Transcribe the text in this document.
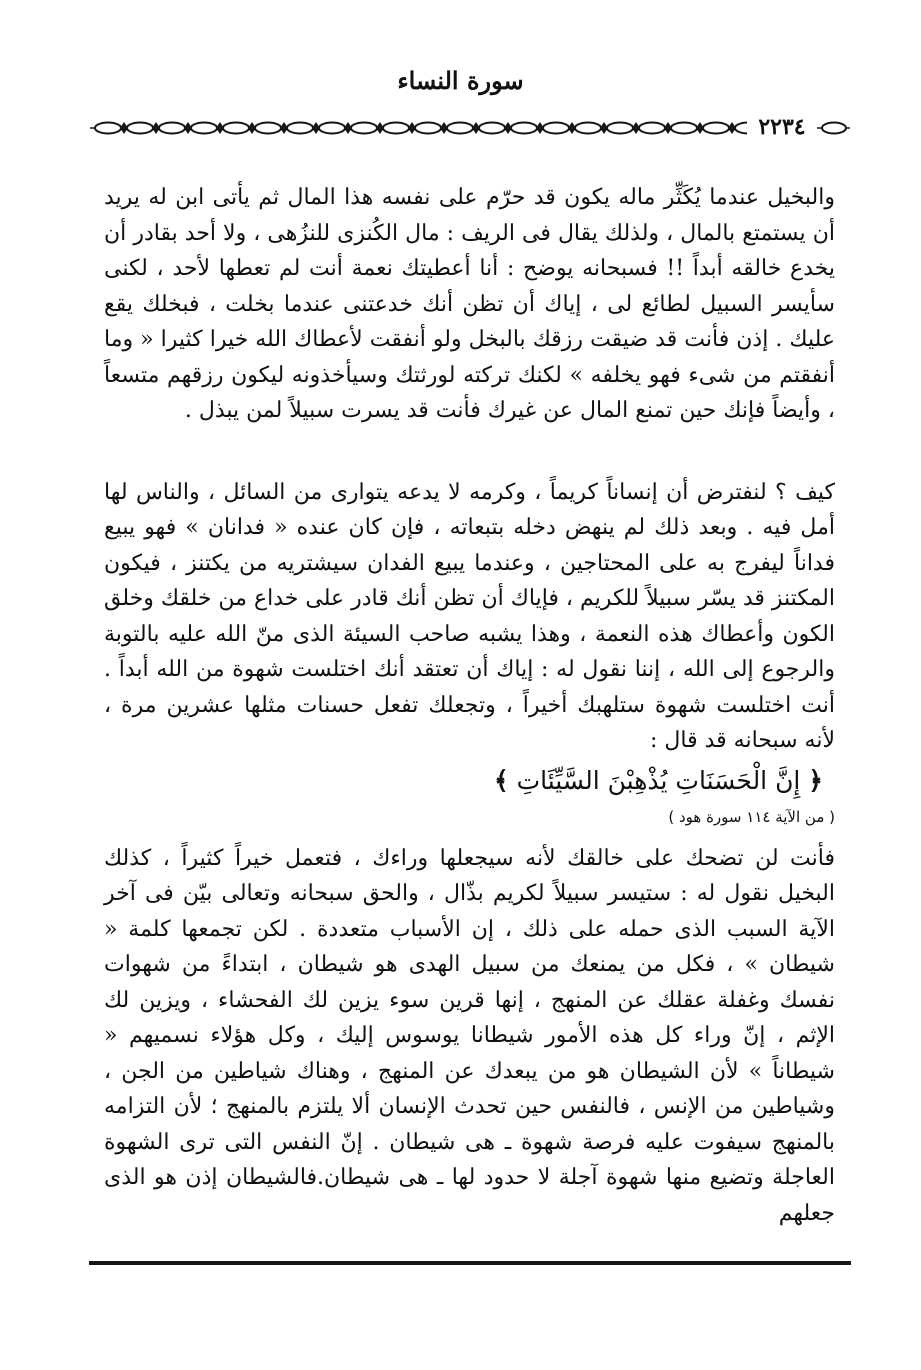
سورة النساء
٢٢٣٤

والبخيل عندما يُكَثِّر ماله يكون قد حرّم على نفسه هذا المال ثم يأتى ابن له يريد أن يستمتع بالمال ، ولذلك يقال فى الريف : مال الكُنزى للنزُهى ، ولا أحد بقادر أن يخدع خالقه أبداً !! فسبحانه يوضح : أنا أعطيتك نعمة أنت لم تعطها لأحد ، لكنى سأيسر السبيل لطائع لى ، إياك أن تظن أنك خدعتنى عندما بخلت ، فبخلك يقع عليك . إذن فأنت قد ضيقت رزقك بالبخل ولو أنفقت لأعطاك الله خيرا كثيرا « وما أنفقتم من شىء فهو يخلفه » لكنك تركته لورثتك وسيأخذونه ليكون رزقهم متسعاً ، وأيضاً فإنك حين تمنع المال عن غيرك فأنت قد يسرت سبيلاً لمن يبذل .

كيف ؟ لنفترض أن إنساناً كريماً ، وكرمه لا يدعه يتوارى من السائل ، والناس لها أمل فيه . وبعد ذلك لم ينهض دخله بتبعاته ، فإن كان عنده « فدانان » فهو يبيع فداناً ليفرج به على المحتاجين ، وعندما يبيع الفدان سيشتريه من يكتنز ، فيكون المكتنز قد يسّر سبيلاً للكريم ، فإياك أن تظن أنك قادر على خداع من خلقك وخلق الكون وأعطاك هذه النعمة ، وهذا يشبه صاحب السيئة الذى منّ الله عليه بالتوبة والرجوع إلى الله ، إننا نقول له : إياك أن تعتقد أنك اختلست شهوة من الله أبداً . أنت اختلست شهوة ستلهبك أخيراً ، وتجعلك تفعل حسنات مثلها عشرين مرة ، لأنه سبحانه قد قال :

﴿ إِنَّ الْحَسَنَاتِ يُذْهِبْنَ السَّيِّئَاتِ ﴾
( من الآية ١١٤ سورة هود )

فأنت لن تضحك على خالقك لأنه سيجعلها وراءك ، فتعمل خيراً كثيراً ، كذلك البخيل نقول له : ستيسر سبيلاً لكريم بذّال ، والحق سبحانه وتعالى بيّن فى آخر الآية السبب الذى حمله على ذلك ، إن الأسباب متعددة . لكن تجمعها كلمة « شيطان » ، فكل من يمنعك من سبيل الهدى هو شيطان ، ابتداءً من شهوات نفسك وغفلة عقلك عن المنهج ، إنها قرين سوء يزين لك الفحشاء ، ويزين لك الإثم ، إنّ وراء كل هذه الأمور شيطانا يوسوس إليك ، وكل هؤلاء نسميهم « شيطاناً » لأن الشيطان هو من يبعدك عن المنهج ، وهناك شياطين من الجن ، وشياطين من الإنس ، فالنفس حين تحدث الإنسان ألا يلتزم بالمنهج ؛ لأن التزامه بالمنهج سيفوت عليه فرصة شهوة ـ هى شيطان . إنّ النفس التى ترى الشهوة العاجلة وتضيع منها شهوة آجلة لا حدود لها ـ هى شيطان.فالشيطان إذن هو الذى جعلهم
